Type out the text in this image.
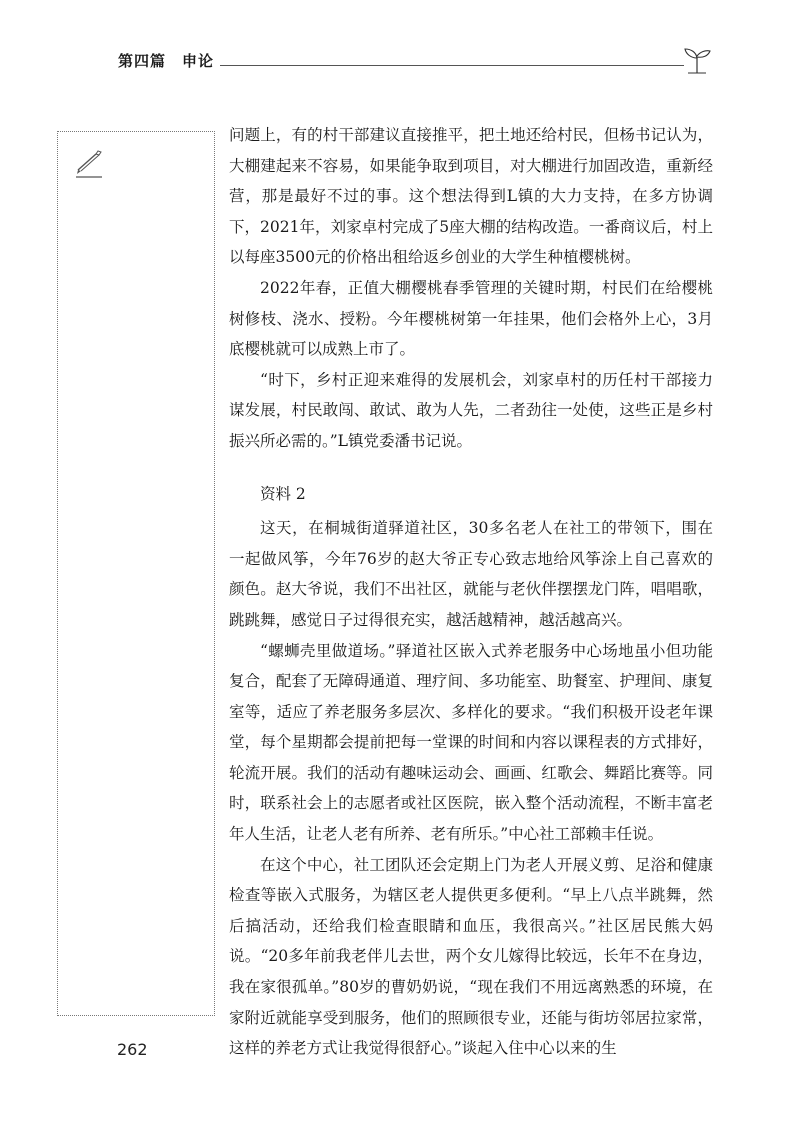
第四篇　申论

问题上，有的村干部建议直接推平，把土地还给村民，但杨书记认为，大棚建起来不容易，如果能争取到项目，对大棚进行加固改造，重新经营，那是最好不过的事。这个想法得到L镇的大力支持，在多方协调下，2021年，刘家卓村完成了5座大棚的结构改造。一番商议后，村上以每座3500元的价格出租给返乡创业的大学生种植樱桃树。

2022年春，正值大棚樱桃春季管理的关键时期，村民们在给樱桃树修枝、浇水、授粉。今年樱桃树第一年挂果，他们会格外上心，3月底樱桃就可以成熟上市了。

“时下，乡村正迎来难得的发展机会，刘家卓村的历任村干部接力谋发展，村民敢闯、敢试、敢为人先，二者劲往一处使，这些正是乡村振兴所必需的。”L镇党委潘书记说。

资料 2

这天，在桐城街道驿道社区，30多名老人在社工的带领下，围在一起做风筝，今年76岁的赵大爷正专心致志地给风筝涂上自己喜欢的颜色。赵大爷说，我们不出社区，就能与老伙伴摆摆龙门阵，唱唱歌，跳跳舞，感觉日子过得很充实，越活越精神，越活越高兴。

“螺蛳壳里做道场。”驿道社区嵌入式养老服务中心场地虽小但功能复合，配套了无障碍通道、理疗间、多功能室、助餐室、护理间、康复室等，适应了养老服务多层次、多样化的要求。“我们积极开设老年课堂，每个星期都会提前把每一堂课的时间和内容以课程表的方式排好，轮流开展。我们的活动有趣味运动会、画画、红歌会、舞蹈比赛等。同时，联系社会上的志愿者或社区医院，嵌入整个活动流程，不断丰富老年人生活，让老人老有所养、老有所乐。”中心社工部赖丰任说。

在这个中心，社工团队还会定期上门为老人开展义剪、足浴和健康检查等嵌入式服务，为辖区老人提供更多便利。“早上八点半跳舞，然后搞活动，还给我们检查眼睛和血压，我很高兴。”社区居民熊大妈说。“20多年前我老伴儿去世，两个女儿嫁得比较远，长年不在身边，我在家很孤单。”80岁的曹奶奶说，“现在我们不用远离熟悉的环境，在家附近就能享受到服务，他们的照顾很专业，还能与街坊邻居拉家常，这样的养老方式让我觉得很舒心。”谈起入住中心以来的生

262
